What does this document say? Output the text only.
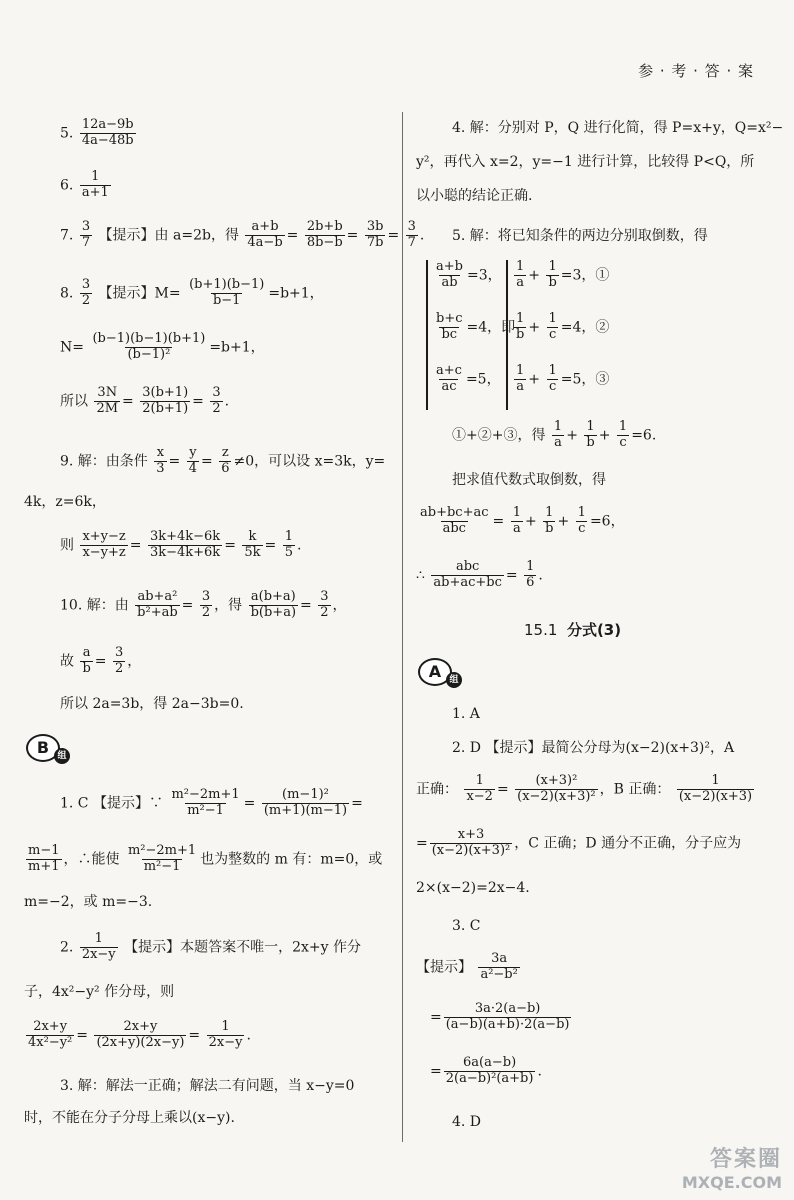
参 · 考 · 答 · 案
5. $\frac{12a-9b}{4a-48b}$
6. $\frac{1}{a+1}$
7. $\frac{3}{7}$ 【提示】由 a=2b，得 $\frac{a+b}{4a-b} = \frac{2b+b}{8b-b} = \frac{3b}{7b} = \frac{3}{7}$ .
8. $\frac{3}{2}$ 【提示】$M= \frac{(b+1)(b-1)}{b-1} =b+1$，
$N= \frac{(b-1)(b-1)(b+1)}{\text{(b−1)²}} =b+1$，
所以 $\frac{3N}{2M} = \frac{3(b+1)}{2(b+1)} = \frac{3}{2}$ .
9. 解：由条件 $\frac{x}{3} = \frac{y}{4} = \frac{z}{6} \ne 0$，可以设 x=3k，y=
4k，z=6k，
则 $\frac{x+y-z}{x-y+z} = \frac{3k+4k-6k}{3k-4k+6k} = \frac{k}{5k} = \frac{1}{5}$ .
10. 解：由 $\frac{\text{ab+a²}}{\text{b²+ab}} = \frac{3}{2}$ ，得 $\frac{a(b+a)}{b(b+a)} = \frac{3}{2}$ ，
故 $\frac{a}{b} = \frac{3}{2}$ ，
所以 2a=3b，得 2a−3b=0.
B 组
1. C 【提示】∵ $\frac{\text{m²−2m+1}}{\text{m²−1}} = \frac{\text{(m−1)²}}{(m+1)(m-1)}$ =
$\frac{m-1}{m+1}$ ，∴能使 $\frac{\text{m²−2m+1}}{\text{m²−1}}$ 也为整数的 m 有：m=0，或
m=−2，或 m=−3.
2. $\frac{1}{2x-y}$ 【提示】本题答案不唯一，2x+y 作分
子，4x²−y² 作分母，则
$\frac{2x+y}{\text{4x²−y²}} = \frac{2x+y}{(2x+y)(2x-y)} = \frac{1}{2x-y}$ .
3. 解：解法一正确；解法二有问题，当 x−y=0
时，不能在分子分母上乘以(x−y).
4. 解：分别对 P，Q 进行化简，得 P=x+y，Q=x²−
y²，再代入 x=2，y=−1 进行计算，比较得 P<Q，所
以小聪的结论正确.
5. 解：将已知条件的两边分别取倒数，得
$\frac{a+b}{ab} =3$， $\frac{1}{a} + \frac{1}{b} =3$，①
$\frac{b+c}{bc} =4$，即
$\frac{1}{b} + \frac{1}{c} =4$，②
$\frac{a+c}{ac} =5$， $\frac{1}{a} + \frac{1}{c} =5$，③
①+②+③，得 $\frac{1}{a} + \frac{1}{b} + \frac{1}{c} =6$.
把求值代数式取倒数，得
$\frac{ab+bc+ac}{\text{abc}} = \frac{1}{a} + \frac{1}{b} + \frac{1}{c} =6$，
∴ $\frac{\text{abc}}{ab+ac+bc} = \frac{1}{6}$ .
15.1 分式(3)
A 组
1. A
2. D 【提示】最简公分母为(x−2)(x+3)²，A
正确： $\frac{1}{x-2} = \frac{\text{(x+3)²}}{\text{(x−2)(x+3)²}}$ ，B 正确： $\frac{1}{(x-2)(x+3)}$
= $\frac{x+3}{\text{(x−2)(x+3)²}}$ ，C 正确；D 通分不正确，分子应为
2×(x−2)=2x−4.
3. C
【提示】 $\frac{3a}{\text{a²−b²}}$
= $\frac{3a\cdot 2(a-b)}{(a-b)(a+b)\cdot 2(a-b)}$
= $\frac{6a(a-b)}{\text{2(a−b)²(a+b)}}$ .
4. D
答案圈
MXQE.COM
